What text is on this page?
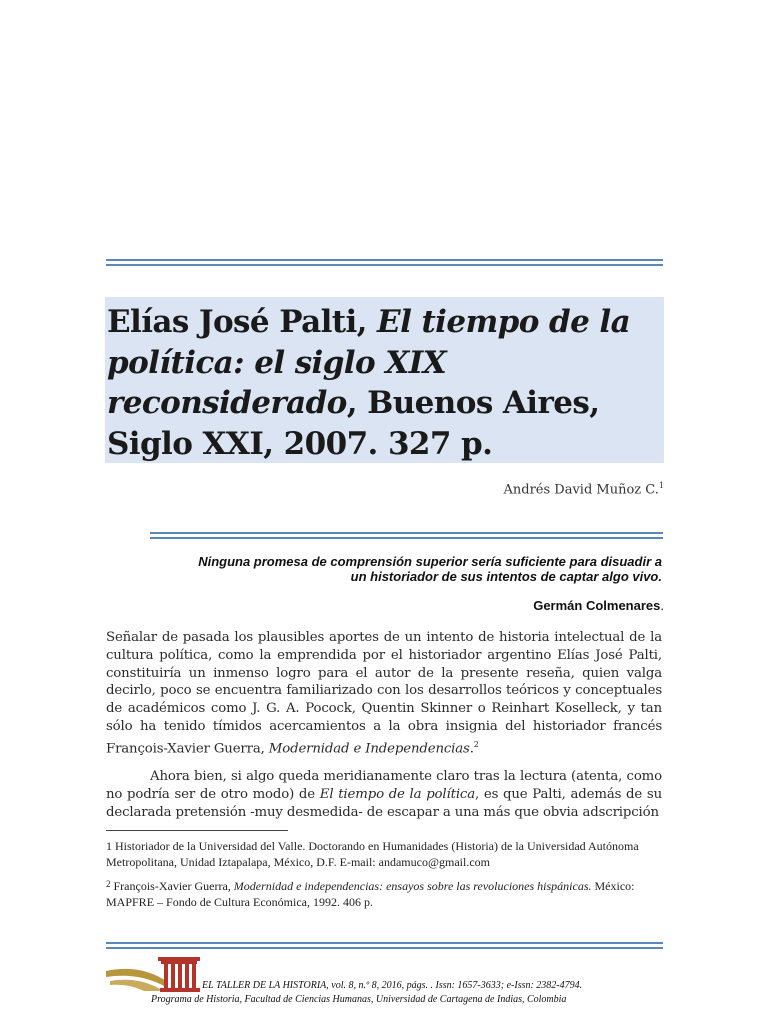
Elías José Palti, El tiempo de la política: el siglo XIX reconsiderado, Buenos Aires, Siglo XXI, 2007. 327 p.
Andrés David Muñoz C.$^1$
Ninguna promesa de comprensión superior sería suficiente para disuadir a
un historiador de sus intentos de captar algo vivo.
Germán Colmenares.

Señalar de pasada los plausibles aportes de un intento de historia intelectual de la cultura política, como la emprendida por el historiador argentino Elías José Palti, constituiría un inmenso logro para el autor de la presente reseña, quien valga decirlo, poco se encuentra familiarizado con los desarrollos teóricos y conceptuales de académicos como J. G. A. Pocock, Quentin Skinner o Reinhart Koselleck, y tan sólo ha tenido tímidos acercamientos a la obra insignia del historiador francés François-Xavier Guerra, Modernidad e Independencias.$^2$

Ahora bien, si algo queda meridianamente claro tras la lectura (atenta, como no podría ser de otro modo) de El tiempo de la política, es que Palti, además de su declarada pretensión -muy desmedida- de escapar a una más que obvia adscripción

1 Historiador de la Universidad del Valle. Doctorando en Humanidades (Historia) de la Universidad Autónoma Metropolitana, Unidad Iztapalapa, México, D.F. E-mail: andamuco@gmail.com

$^2$ François-Xavier Guerra, Modernidad e independencias: ensayos sobre las revoluciones hispánicas. México: MAPFRE – Fondo de Cultura Económica, 1992. 406 p.

EL TALLER DE LA HISTORIA, vol. 8, n.º 8, 2016, págs. . Issn: 1657-3633; e-Issn: 2382-4794.
Programa de Historia, Facultad de Ciencias Humanas, Universidad de Cartagena de Indias, Colombia
